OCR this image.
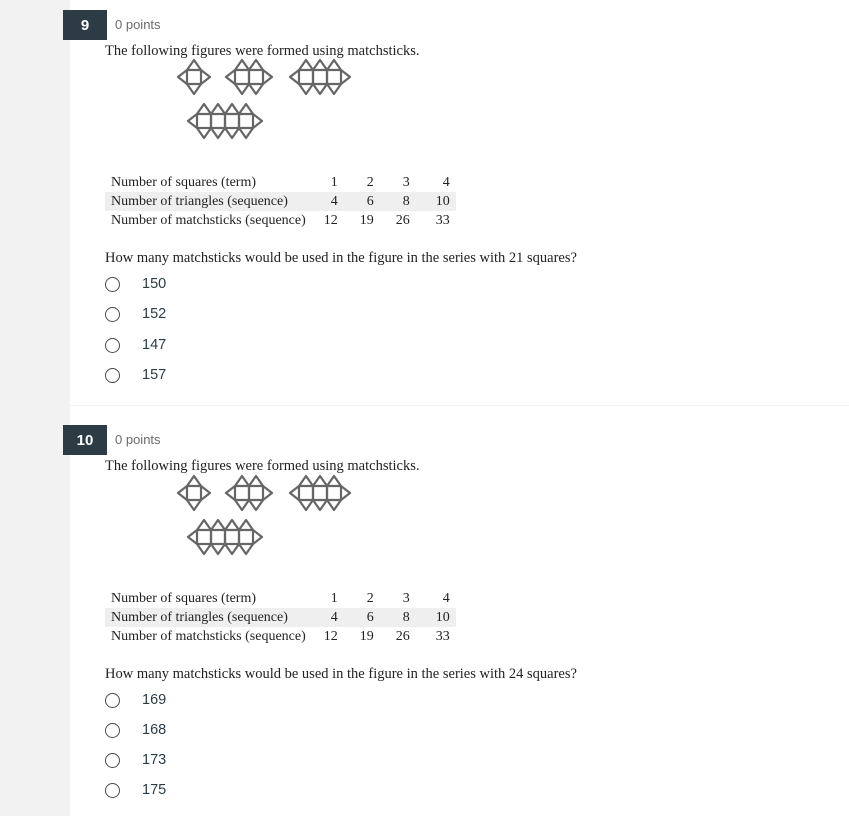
9	0 points
The following figures were formed using matchsticks.
Number of squares (term)	1	2	3	4
Number of triangles (sequence)	4	6	8	10
Number of matchsticks (sequence)	12	19	26	33
How many matchsticks would be used in the figure in the series with 21 squares?
150
152
147
157
10	0 points
The following figures were formed using matchsticks.
Number of squares (term)	1	2	3	4
Number of triangles (sequence)	4	6	8	10
Number of matchsticks (sequence)	12	19	26	33
How many matchsticks would be used in the figure in the series with 24 squares?
169
168
173
175
